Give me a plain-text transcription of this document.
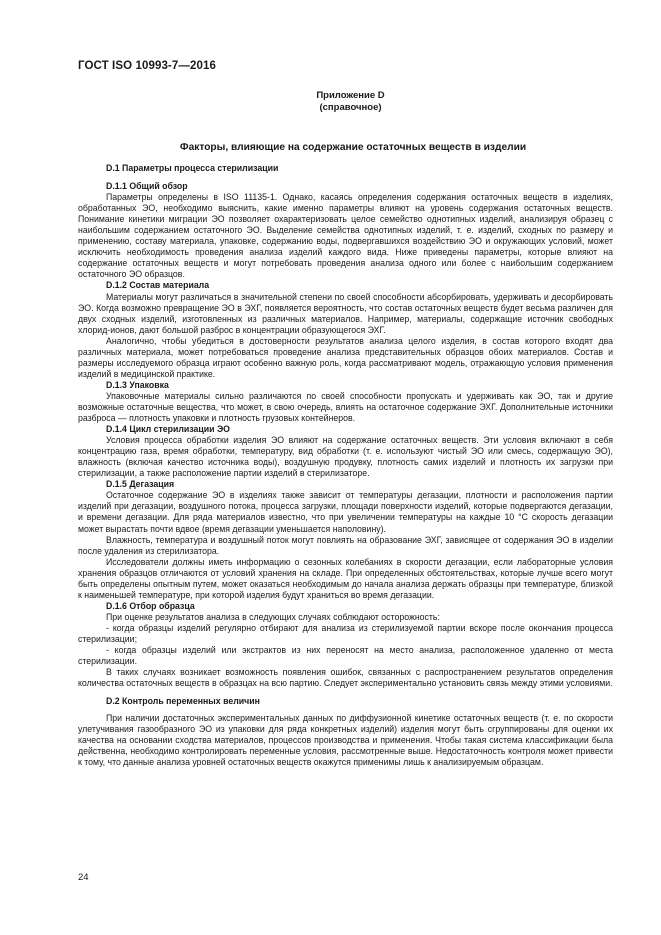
ГОСТ ISO 10993-7—2016
Приложение D
(справочное)
Факторы, влияющие на содержание остаточных веществ в изделии

D.1 Параметры процесса стерилизации

D.1.1 Общий обзор

Параметры определены в ISO 11135-1. Однако, касаясь определения содержания остаточных веществ в изделиях, обработанных ЭО, необходимо выяснить, какие именно параметры влияют на уровень содержания остаточных веществ. Понимание кинетики миграции ЭО позволяет охарактеризовать целое семейство однотипных изделий, анализируя образец с наибольшим содержанием остаточного ЭО. Выделение семейства однотипных изделий, т. е. изделий, сходных по размеру и применению, составу материала, упаковке, содержанию воды, подвергавшихся воздействию ЭО и окружающих условий, может исключить необходимость проведения анализа изделий каждого вида. Ниже приведены параметры, которые влияют на содержание остаточных веществ и могут потребовать проведения анализа одного или более с наибольшим содержанием остаточного ЭО образцов.

D.1.2 Состав материала

Материалы могут различаться в значительной степени по своей способности абсорбировать, удерживать и десорбировать ЭО. Когда возможно превращение ЭО в ЭХГ, появляется вероятность, что состав остаточных веществ будет весьма различен для двух сходных изделий, изготовленных из различных материалов. Например, материалы, содержащие источник свободных хлорид-ионов, дают большой разброс в концентрации образующегося ЭХГ.

Аналогично, чтобы убедиться в достоверности результатов анализа целого изделия, в состав которого входят два различных материала, может потребоваться проведение анализа представительных образцов обоих материалов. Состав и размеры исследуемого образца играют особенно важную роль, когда рассматривают модель, отражающую условия применения изделий в медицинской практике.

D.1.3 Упаковка

Упаковочные материалы сильно различаются по своей способности пропускать и удерживать как ЭО, так и другие возможные остаточные вещества, что может, в свою очередь, влиять на остаточное содержание ЭХГ. Дополнительные источники разброса — плотность упаковки и плотность грузовых контейнеров.

D.1.4 Цикл стерилизации ЭО

Условия процесса обработки изделия ЭО влияют на содержание остаточных веществ. Эти условия включают в себя концентрацию газа, время обработки, температуру, вид обработки (т. е. используют чистый ЭО или смесь, содержащую ЭО), влажность (включая качество источника воды), воздушную продувку, плотность самих изделий и плотность их загрузки при стерилизации, а также расположение партии изделий в стерилизаторе.

D.1.5 Дегазация

Остаточное содержание ЭО в изделиях также зависит от температуры дегазации, плотности и расположения партии изделий при дегазации, воздушного потока, процесса загрузки, площади поверхности изделий, которые подвергаются дегазации, и времени дегазации. Для ряда материалов известно, что при увеличении температуры на каждые 10 °С скорость дегазации может вырастать почти вдвое (время дегазации уменьшается наполовину).

Влажность, температура и воздушный поток могут повлиять на образование ЭХГ, зависящее от содержания ЭО в изделии после удаления из стерилизатора.

Исследователи должны иметь информацию о сезонных колебаниях в скорости дегазации, если лабораторные условия хранения образцов отличаются от условий хранения на складе. При определенных обстоятельствах, которые лучше всего могут быть определены опытным путем, может оказаться необходимым до начала анализа держать образцы при температуре, близкой к наименьшей температуре, при которой изделия будут храниться во время дегазации.

D.1.6 Отбор образца

При оценке результатов анализа в следующих случаях соблюдают осторожность:

- когда образцы изделий регулярно отбирают для анализа из стерилизуемой партии вскоре после окончания процесса стерилизации;

- когда образцы изделий или экстрактов из них переносят на место анализа, расположенное удаленно от места стерилизации.

В таких случаях возникает возможность появления ошибок, связанных с распространением результатов определения количества остаточных веществ в образцах на всю партию. Следует экспериментально установить связь между этими условиями.

D.2 Контроль переменных величин

При наличии достаточных экспериментальных данных по диффузионной кинетике остаточных веществ (т. е. по скорости улетучивания газообразного ЭО из упаковки для ряда конкретных изделий) изделия могут быть сгруппированы для оценки их качества на основании сходства материалов, процессов производства и применения. Чтобы такая система классификации была действенна, необходимо контролировать переменные условия, рассмотренные выше. Недостаточность контроля может привести к тому, что данные анализа уровней остаточных веществ окажутся применимы лишь к анализируемым образцам.

24
